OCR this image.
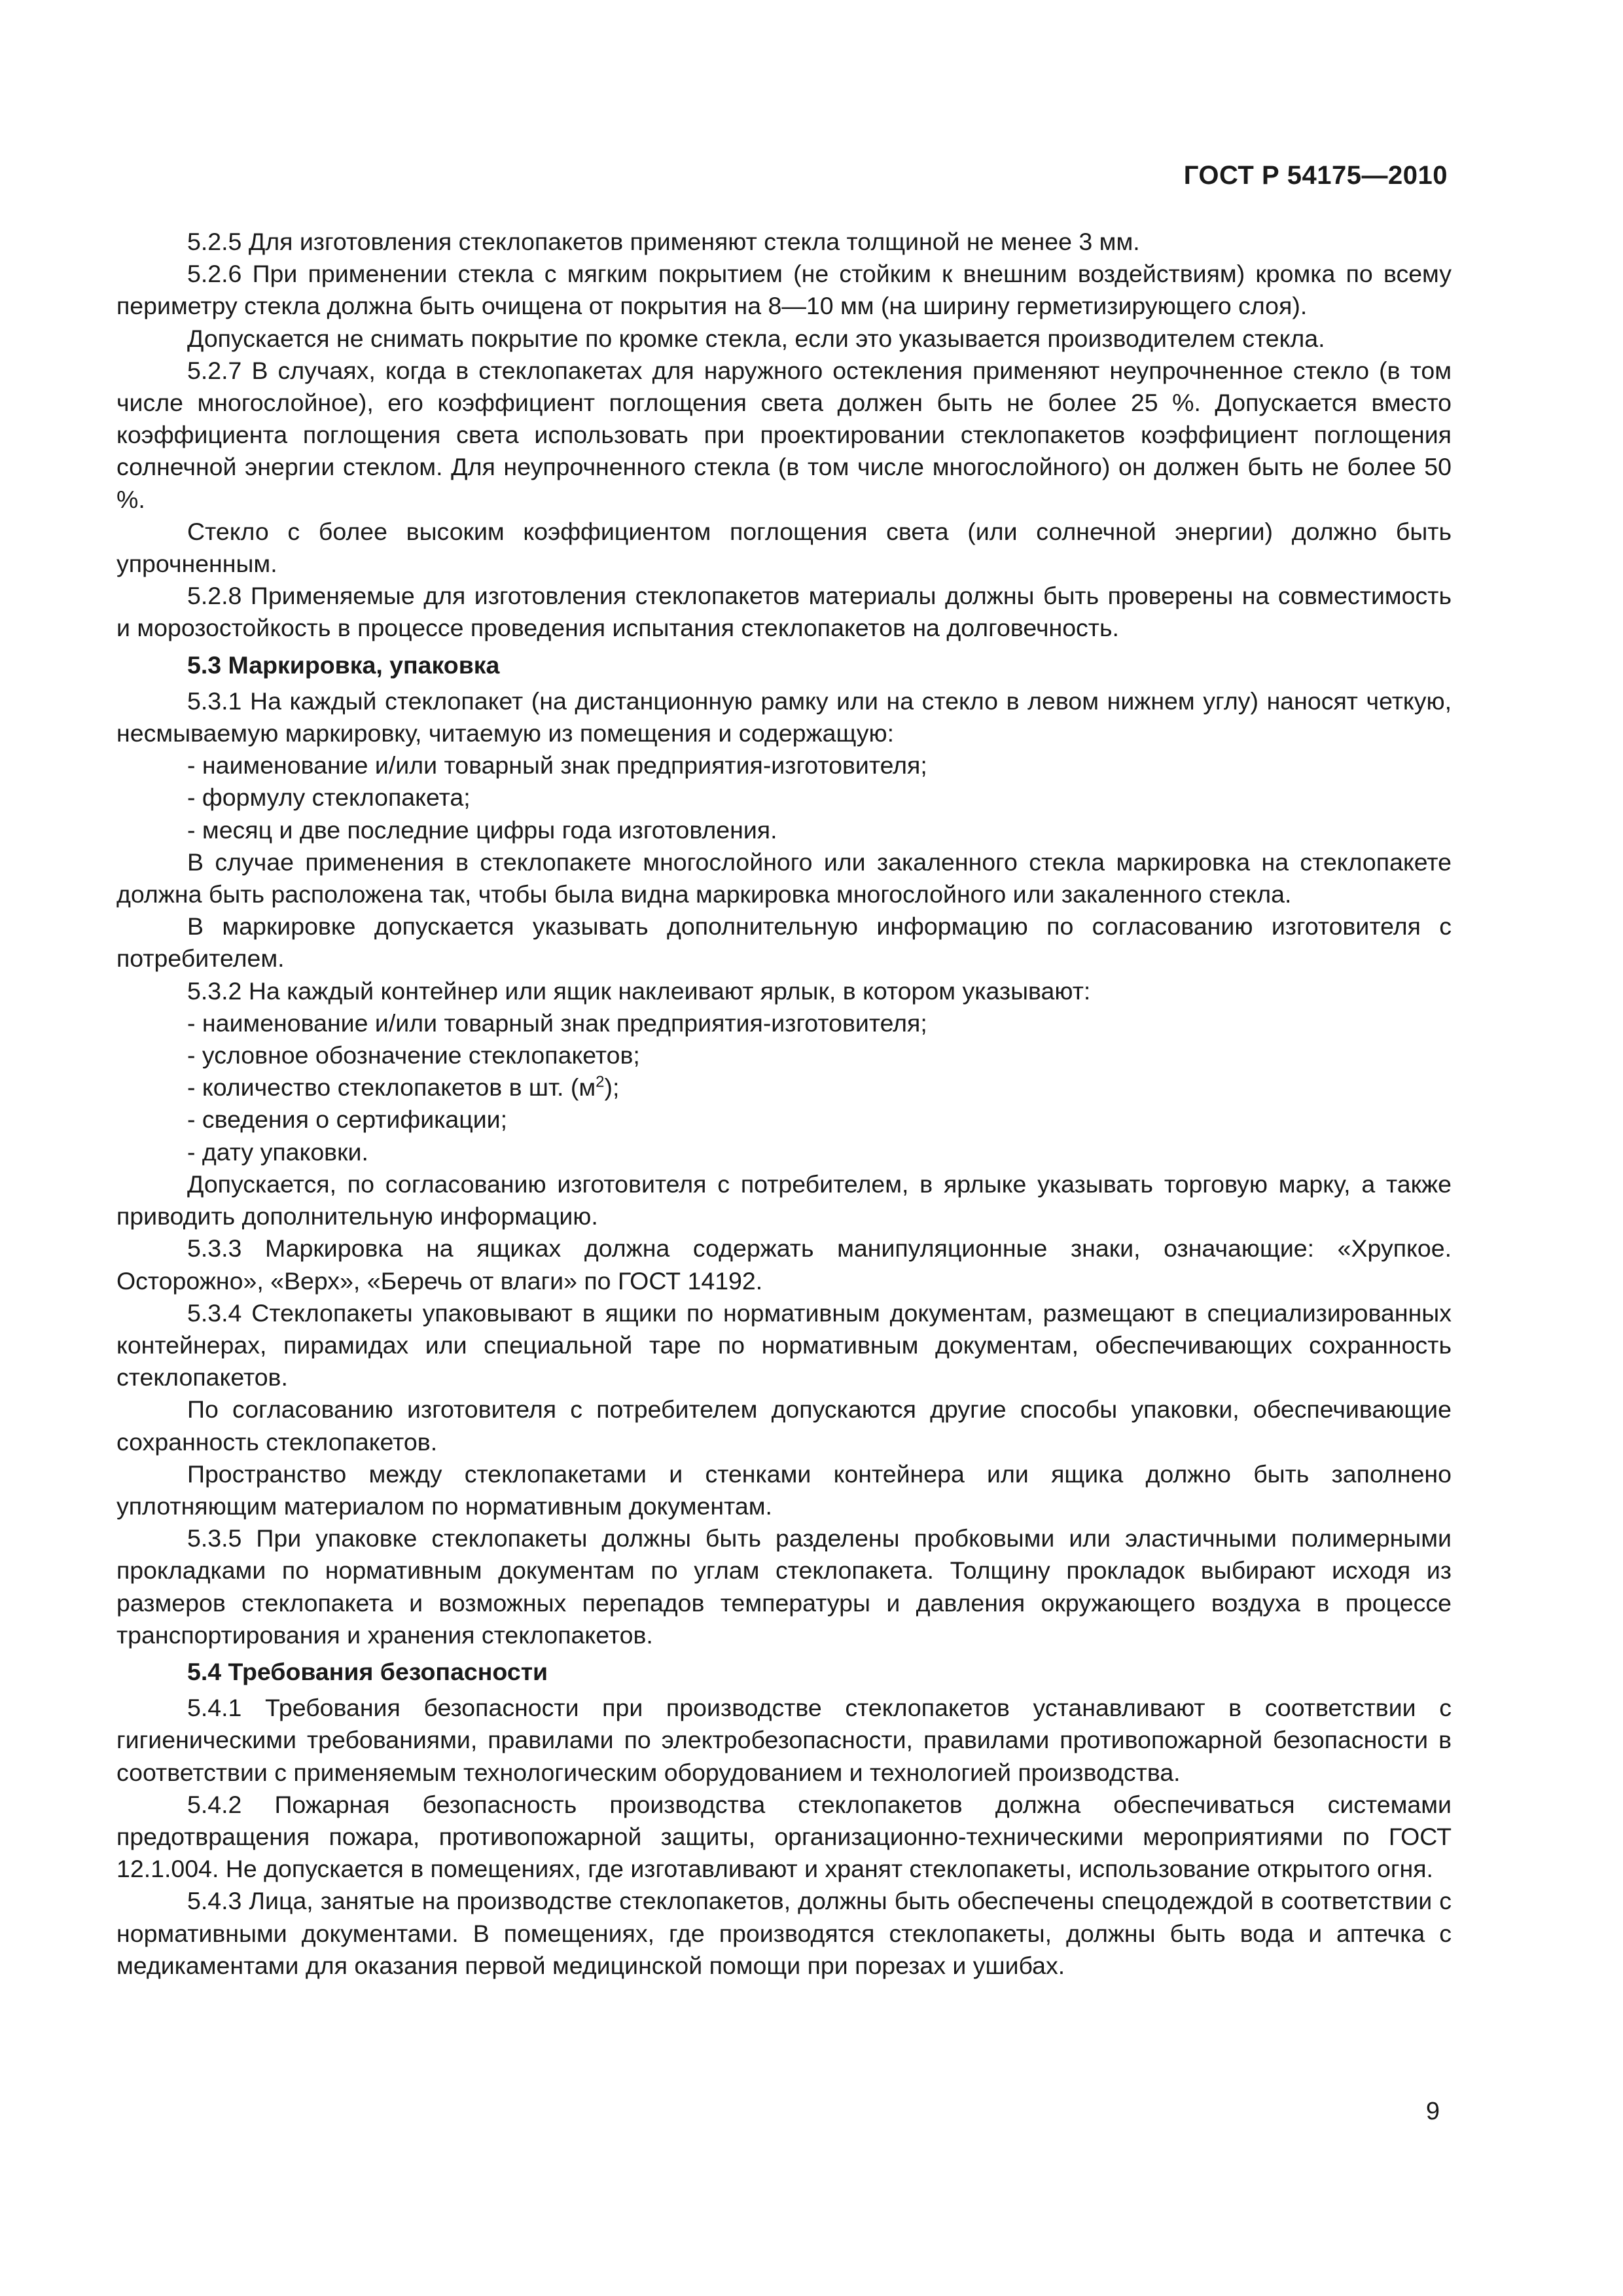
ГОСТ Р 54175—2010

5.2.5 Для изготовления стеклопакетов применяют стекла толщиной не менее 3 мм.

5.2.6 При применении стекла с мягким покрытием (не стойким к внешним воздействиям) кромка по всему периметру стекла должна быть очищена от покрытия на 8—10 мм (на ширину герметизирующего слоя).

Допускается не снимать покрытие по кромке стекла, если это указывается производителем стекла.

5.2.7 В случаях, когда в стеклопакетах для наружного остекления применяют неупрочненное стекло (в том числе многослойное), его коэффициент поглощения света должен быть не более 25 %. Допускается вместо коэффициента поглощения света использовать при проектировании стеклопакетов коэффициент поглощения солнечной энергии стеклом. Для неупрочненного стекла (в том числе многослойного) он должен быть не более 50 %.

Стекло с более высоким коэффициентом поглощения света (или солнечной энергии) должно быть упрочненным.

5.2.8 Применяемые для изготовления стеклопакетов материалы должны быть проверены на совместимость и морозостойкость в процессе проведения испытания стеклопакетов на долговечность.

5.3 Маркировка, упаковка

5.3.1 На каждый стеклопакет (на дистанционную рамку или на стекло в левом нижнем углу) наносят четкую, несмываемую маркировку, читаемую из помещения и содержащую:

- наименование и/или товарный знак предприятия-изготовителя;

- формулу стеклопакета;

- месяц и две последние цифры года изготовления.

В случае применения в стеклопакете многослойного или закаленного стекла маркировка на стеклопакете должна быть расположена так, чтобы была видна маркировка многослойного или закаленного стекла.

В маркировке допускается указывать дополнительную информацию по согласованию изготовителя с потребителем.

5.3.2 На каждый контейнер или ящик наклеивают ярлык, в котором указывают:

- наименование и/или товарный знак предприятия-изготовителя;

- условное обозначение стеклопакетов;

- количество стеклопакетов в шт. $(м^2)$;

- сведения о сертификации;

- дату упаковки.

Допускается, по согласованию изготовителя с потребителем, в ярлыке указывать торговую марку, а также приводить дополнительную информацию.

5.3.3 Маркировка на ящиках должна содержать манипуляционные знаки, означающие: «Хрупкое. Осторожно», «Верх», «Беречь от влаги» по ГОСТ 14192.

5.3.4 Стеклопакеты упаковывают в ящики по нормативным документам, размещают в специализированных контейнерах, пирамидах или специальной таре по нормативным документам, обеспечивающих сохранность стеклопакетов.

По согласованию изготовителя с потребителем допускаются другие способы упаковки, обеспечивающие сохранность стеклопакетов.

Пространство между стеклопакетами и стенками контейнера или ящика должно быть заполнено уплотняющим материалом по нормативным документам.

5.3.5 При упаковке стеклопакеты должны быть разделены пробковыми или эластичными полимерными прокладками по нормативным документам по углам стеклопакета. Толщину прокладок выбирают исходя из размеров стеклопакета и возможных перепадов температуры и давления окружающего воздуха в процессе транспортирования и хранения стеклопакетов.

5.4 Требования безопасности

5.4.1 Требования безопасности при производстве стеклопакетов устанавливают в соответствии с гигиеническими требованиями, правилами по электробезопасности, правилами противопожарной безопасности в соответствии с применяемым технологическим оборудованием и технологией производства.

5.4.2 Пожарная безопасность производства стеклопакетов должна обеспечиваться системами предотвращения пожара, противопожарной защиты, организационно-техническими мероприятиями по ГОСТ 12.1.004. Не допускается в помещениях, где изготавливают и хранят стеклопакеты, использование открытого огня.

5.4.3 Лица, занятые на производстве стеклопакетов, должны быть обеспечены спецодеждой в соответствии с нормативными документами. В помещениях, где производятся стеклопакеты, должны быть вода и аптечка с медикаментами для оказания первой медицинской помощи при порезах и ушибах.

9
